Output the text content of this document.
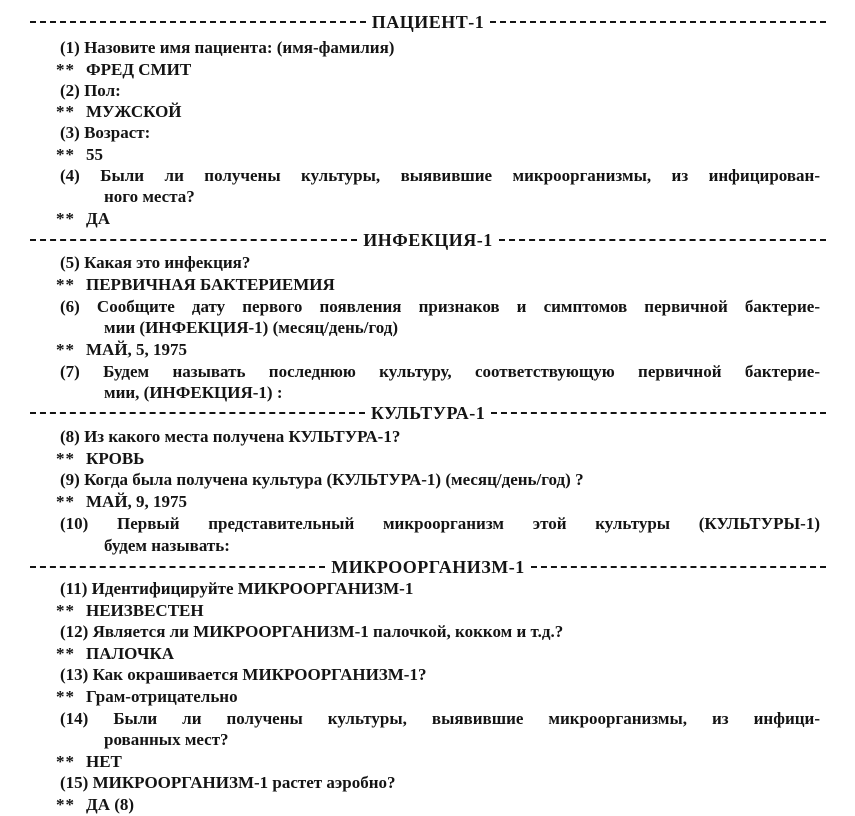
ПАЦИЕНТ-1
(1) Назовите имя пациента: (имя-фамилия)
** ФРЕД СМИТ
(2) Пол:
** МУЖСКОЙ
(3) Возраст:
** 55
(4) Были ли получены культуры, выявившие микроорганизмы, из инфицирован-
ного места?
** ДА
ИНФЕКЦИЯ-1
(5) Какая это инфекция?
** ПЕРВИЧНАЯ БАКТЕРИЕМИЯ
(6) Сообщите дату первого появления признаков и симптомов первичной бактерие-
мии (ИНФЕКЦИЯ-1) (месяц/день/год)
** МАЙ, 5, 1975
(7) Будем называть последнюю культуру, соответствующую первичной бактерие-
мии, (ИНФЕКЦИЯ-1) :
КУЛЬТУРА-1
(8) Из какого места получена КУЛЬТУРА-1?
** КРОВЬ
(9) Когда была получена культура (КУЛЬТУРА-1) (месяц/день/год) ?
** МАЙ, 9, 1975
(10) Первый представительный микроорганизм этой культуры (КУЛЬТУРЫ-1)
будем называть:
МИКРООРГАНИЗМ-1
(11) Идентифицируйте МИКРООРГАНИЗМ-1
** НЕИЗВЕСТЕН
(12) Является ли МИКРООРГАНИЗМ-1 палочкой, кокком и т.д.?
** ПАЛОЧКА
(13) Как окрашивается МИКРООРГАНИЗМ-1?
** Грам-отрицательно
(14) Были ли получены культуры, выявившие микроорганизмы, из инфици-
рованных мест?
** НЕТ
(15) МИКРООРГАНИЗМ-1 растет аэробно?
** ДА (8)
